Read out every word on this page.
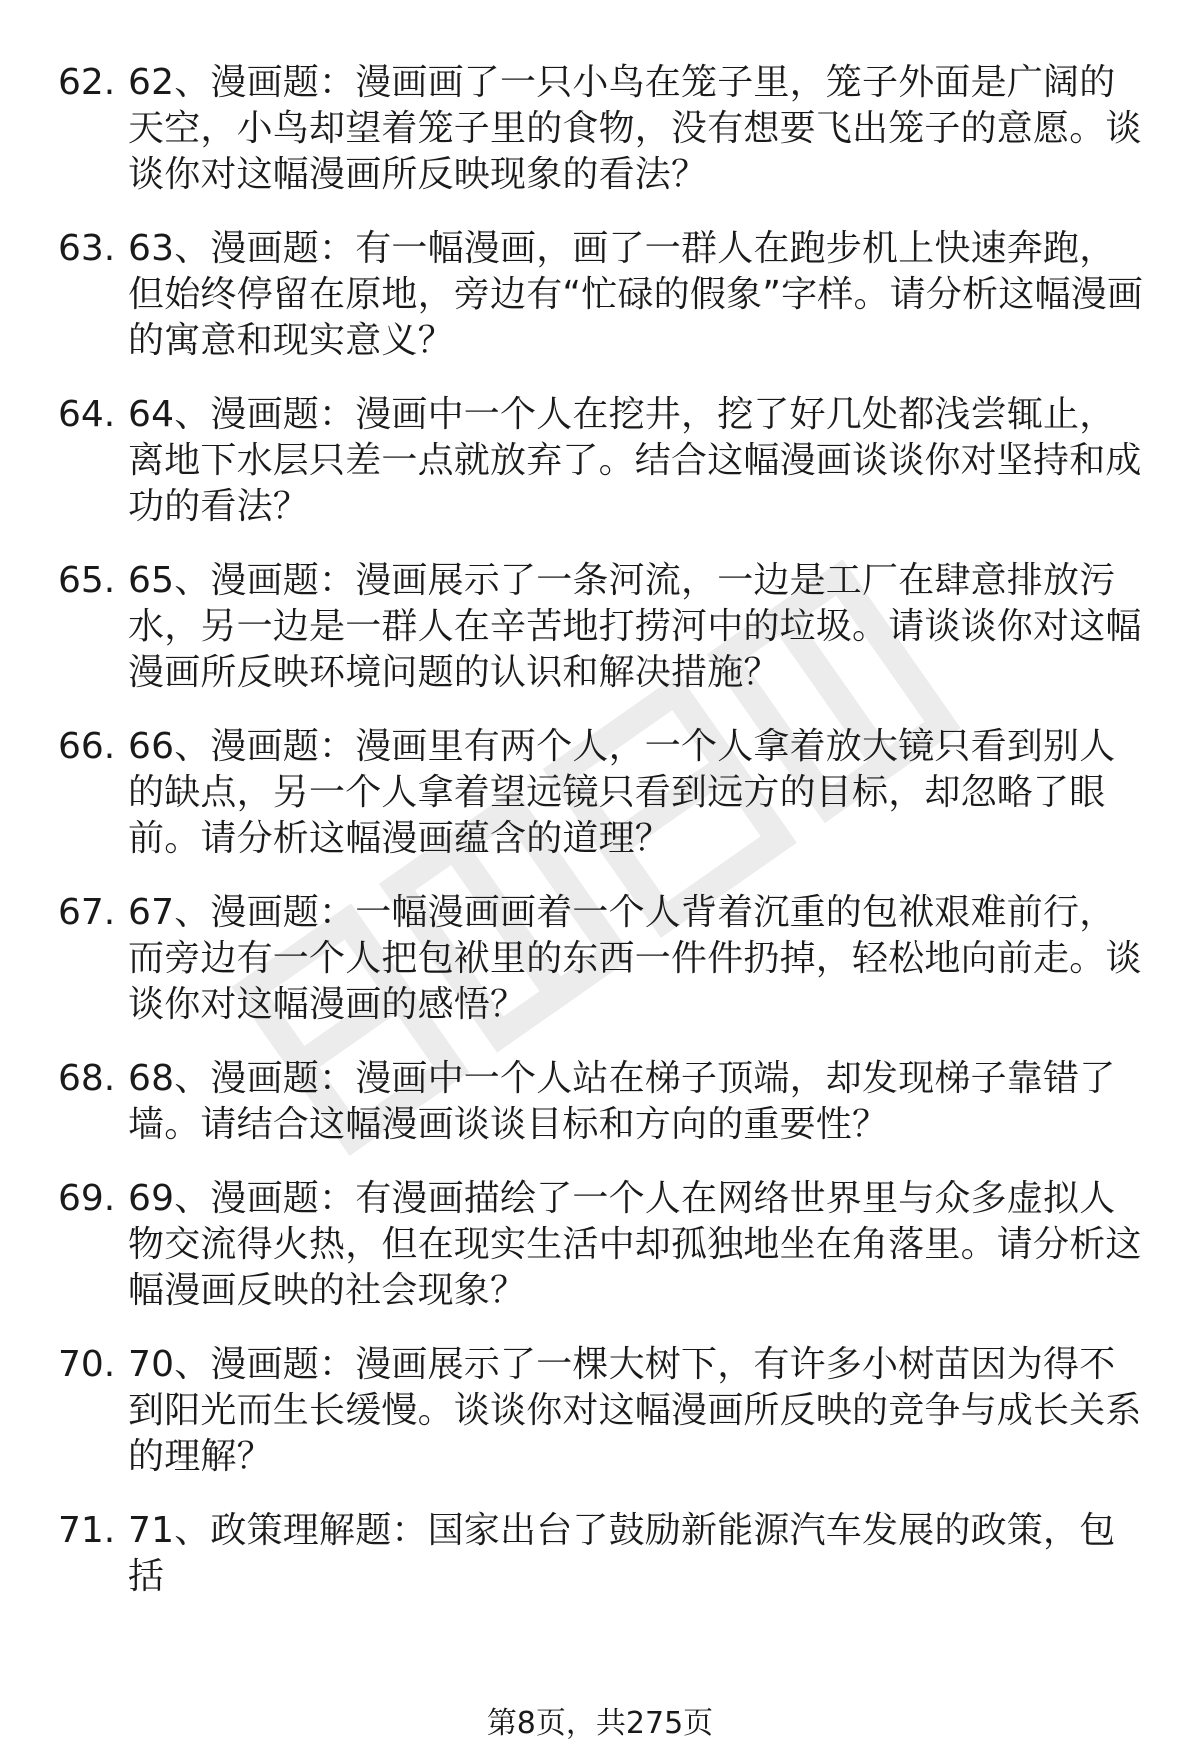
62. 62、漫画题：漫画画了一只小鸟在笼子里，笼子外面是广阔的天空，小鸟却望着笼子里的食物，没有想要飞出笼子的意愿。谈谈你对这幅漫画所反映现象的看法？
63. 63、漫画题：有一幅漫画，画了一群人在跑步机上快速奔跑，但始终停留在原地，旁边有“忙碌的假象”字样。请分析这幅漫画的寓意和现实意义？
64. 64、漫画题：漫画中一个人在挖井，挖了好几处都浅尝辄止，离地下水层只差一点就放弃了。结合这幅漫画谈谈你对坚持和成功的看法？
65. 65、漫画题：漫画展示了一条河流，一边是工厂在肆意排放污水，另一边是一群人在辛苦地打捞河中的垃圾。请谈谈你对这幅漫画所反映环境问题的认识和解决措施？
66. 66、漫画题：漫画里有两个人，一个人拿着放大镜只看到别人的缺点，另一个人拿着望远镜只看到远方的目标，却忽略了眼前。请分析这幅漫画蕴含的道理？
67. 67、漫画题：一幅漫画画着一个人背着沉重的包袱艰难前行，而旁边有一个人把包袱里的东西一件件扔掉，轻松地向前走。谈谈你对这幅漫画的感悟？
68. 68、漫画题：漫画中一个人站在梯子顶端，却发现梯子靠错了墙。请结合这幅漫画谈谈目标和方向的重要性？
69. 69、漫画题：有漫画描绘了一个人在网络世界里与众多虚拟人物交流得火热，但在现实生活中却孤独地坐在角落里。请分析这幅漫画反映的社会现象？
70. 70、漫画题：漫画展示了一棵大树下，有许多小树苗因为得不到阳光而生长缓慢。谈谈你对这幅漫画所反映的竞争与成长关系的理解？
71. 71、政策理解题：国家出台了鼓励新能源汽车发展的政策，包括
第8页，共275页
